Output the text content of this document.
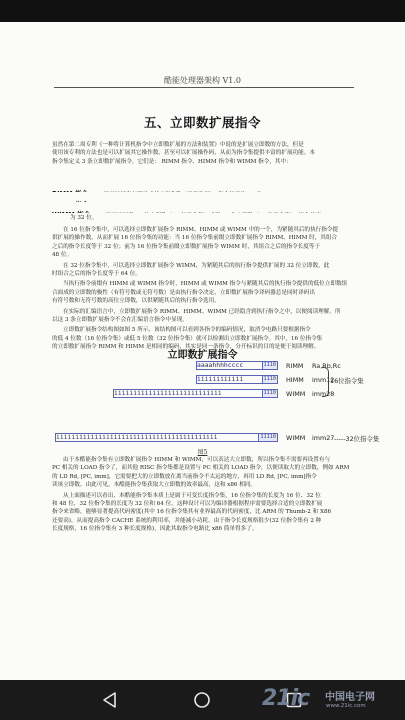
酷能处理器架构 V1.0
五、立即数扩展指令

虽然在第二周专利《一种将计算机指令中立即数扩展的方法和装置》中说的是扩展立即数的方法，但是

使用该专利的方法也是可以扩展其它操作数，甚至可以扩展操作码，从而为指令集提供丰富的扩展功能。本

指令集定义 3 条立即数扩展指令，它们是： RIMM 指令、HIMM 指令和 WIMM 指令，其中：

为 32 位。

在 16 位指令集中，可以选择立即数扩展指令 RIMM、HIMM 或 WIMM 中的一个，为紧随其后的执行指令提
供扩展的操作数，从而扩展 16 位指令集的功能：当 16 位指令集前缀立即数扩展指令 RIMM、HIMM 时，其组合
之后的指令长度等于 32 位；前为 16 位指令集前缀立即数扩展指令 WIMM 时，其组合之后的指令长度等于
48 位。

在 32 位指令集中，可以选择立即数扩展指令 WIMM，为紧随其后的执行指令提供扩展的 32 位立即数，此
时组合之后的指令长度等于 64 位。

当执行指令前缀有 HIMM 或 WIMM 指令时，HIMM 或 WIMM 指令与紧随其后的执行指令提供的低位立即数组
合面成的立即数的极性（有符号数或无符号数）是由执行指令决定，立即数扩展指令译码器总是同时译码出
有符号数和无符号数的高位立即数，以供紧随其后的执行指令选用。

在实际的汇编语言中，立即数扩展指令 RIMM、HIMM、WIMM 已经隐含到执行指令之中，以便阅读理解。所
以这 3 条立即数扩展指令不会在汇编语言指令中显现。

立即数扩展指令结构图如图 5 所示，该结构图可以看到各指令的编码情况，取消令电路只要根据指令
的低 4 位数（16 位指令集）或低 5 位数（32 位指令集）就可以检测出立即数扩展指令。其中，16 位指令集
的立即数扩展指令 RIMM 和 HIMM 是相同的编码，其实是同一条指令，分开标识的目的是便于阅读理解。

立即数扩展指令
aaaahhhhcccc	1110 RIMM Ra,Rb,Rc
iiiiiiiiiiii	1110 HIMM imm12
iiiiiiiiiiiiiiiiiiiiiiiiiiii	1110 WIMM imm28
16位指令集
iiiiiiiiiiiiiiiiiiiiiiiiiiiiiiiiiiiiiiiiii	11110 WIMM imm27 -----32位指令集
图5

由于本酷能指令集有立即数扩展指令 HIMM 和 WIMM，可以表达大立即数，所以指令集不需要再设置有与
PC 相关的 LOAD 指令了，而其他 RISC 指令集都是设置与 PC 相关的 LOAD 指令，以便读取大的立即数，例如 ARM
的 LD Rd, [PC, imm]，它需要把大的立即数放在离当前指令不太远的地方，再用 LD Rd, [PC, imm]指令
读该立即数。由此可见，本酷能指令集获取大立即数的效率最高，这和 x86 相同。

从上面描述可以看出，本酷能指令集本质上是属于可变长度指令集，16 位指令集的长度为 16 位、32 位
和 48 位，32 位指令集的长度为 32 位和 64 位。这种设计可以为编译器根据程序需要选择合适的立即数扩展
指令来省略，能够显著提高代码密度(其中 16 位指令集其有业界最高的代码密度，比 ARM 的 Thumb-2 和 X86
还要高)，从而提高指令 CACHE 系统的利用率，并能减小功耗。由于指令长度规格很少(32 位指令集有 2 种
长度规格，16 位指令集有 3 种长度规格)，因此其取指令电路比 x86 简单得多了。

21ic 中国电子网
www.21ic.com
